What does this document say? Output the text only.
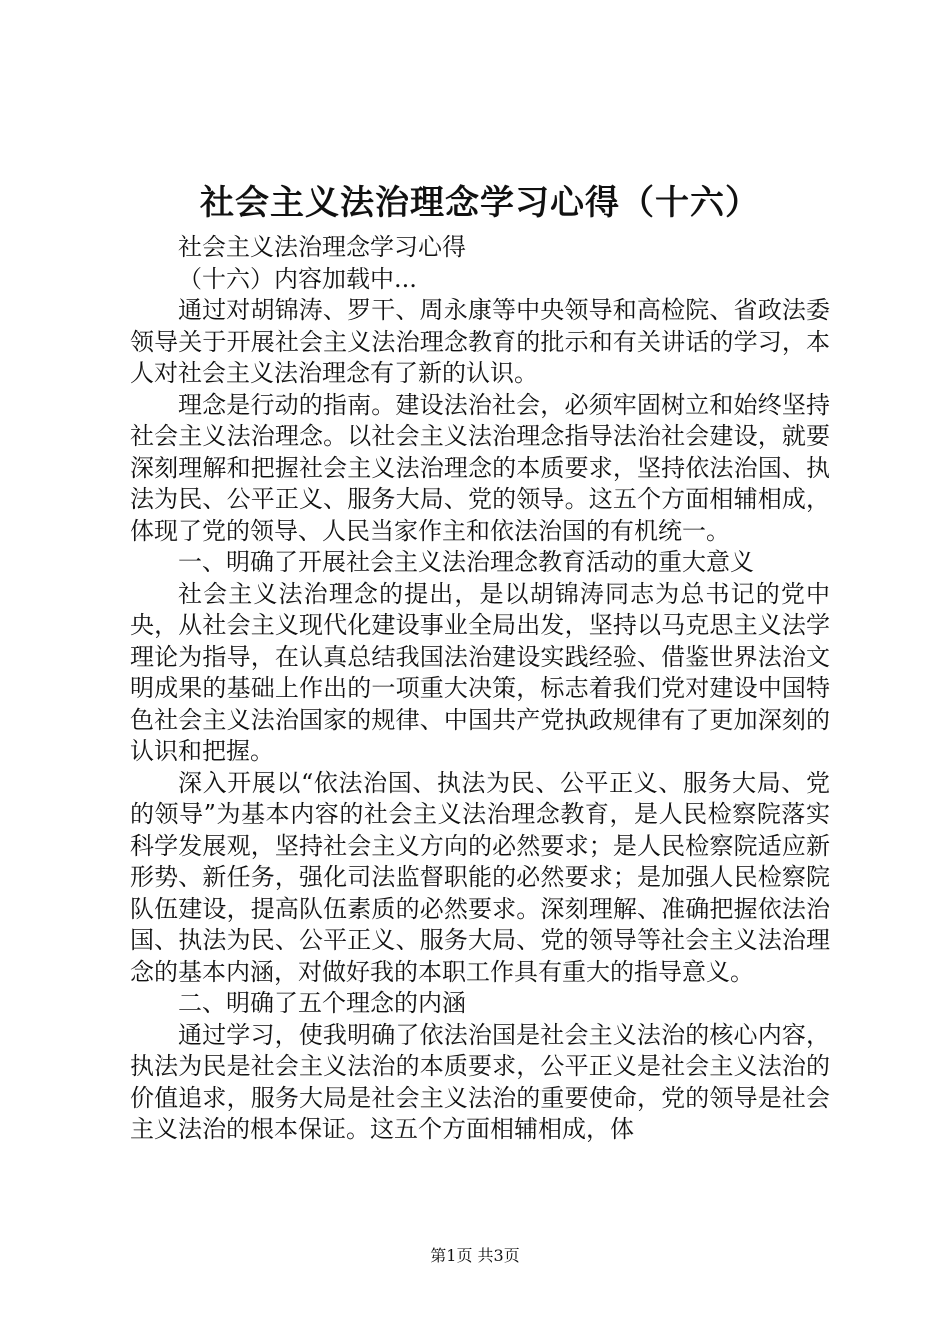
社会主义法治理念学习心得（十六）

社会主义法治理念学习心得

（十六）内容加载中...

通过对胡锦涛、罗干、周永康等中央领导和高检院、省政法委领导关于开展社会主义法治理念教育的批示和有关讲话的学习，本人对社会主义法治理念有了新的认识。

理念是行动的指南。建设法治社会，必须牢固树立和始终坚持社会主义法治理念。以社会主义法治理念指导法治社会建设，就要深刻理解和把握社会主义法治理念的本质要求，坚持依法治国、执法为民、公平正义、服务大局、党的领导。这五个方面相辅相成，体现了党的领导、人民当家作主和依法治国的有机统一。

一、明确了开展社会主义法治理念教育活动的重大意义

社会主义法治理念的提出，是以胡锦涛同志为总书记的党中央，从社会主义现代化建设事业全局出发，坚持以马克思主义法学理论为指导，在认真总结我国法治建设实践经验、借鉴世界法治文明成果的基础上作出的一项重大决策，标志着我们党对建设中国特色社会主义法治国家的规律、中国共产党执政规律有了更加深刻的认识和把握。

深入开展以“依法治国、执法为民、公平正义、服务大局、党的领导”为基本内容的社会主义法治理念教育，是人民检察院落实科学发展观，坚持社会主义方向的必然要求；是人民检察院适应新形势、新任务，强化司法监督职能的必然要求；是加强人民检察院队伍建设，提高队伍素质的必然要求。深刻理解、准确把握依法治国、执法为民、公平正义、服务大局、党的领导等社会主义法治理念的基本内涵，对做好我的本职工作具有重大的指导意义。

二、明确了五个理念的内涵

通过学习，使我明确了依法治国是社会主义法治的核心内容，执法为民是社会主义法治的本质要求，公平正义是社会主义法治的价值追求，服务大局是社会主义法治的重要使命，党的领导是社会主义法治的根本保证。这五个方面相辅相成，体

第1页 共3页
